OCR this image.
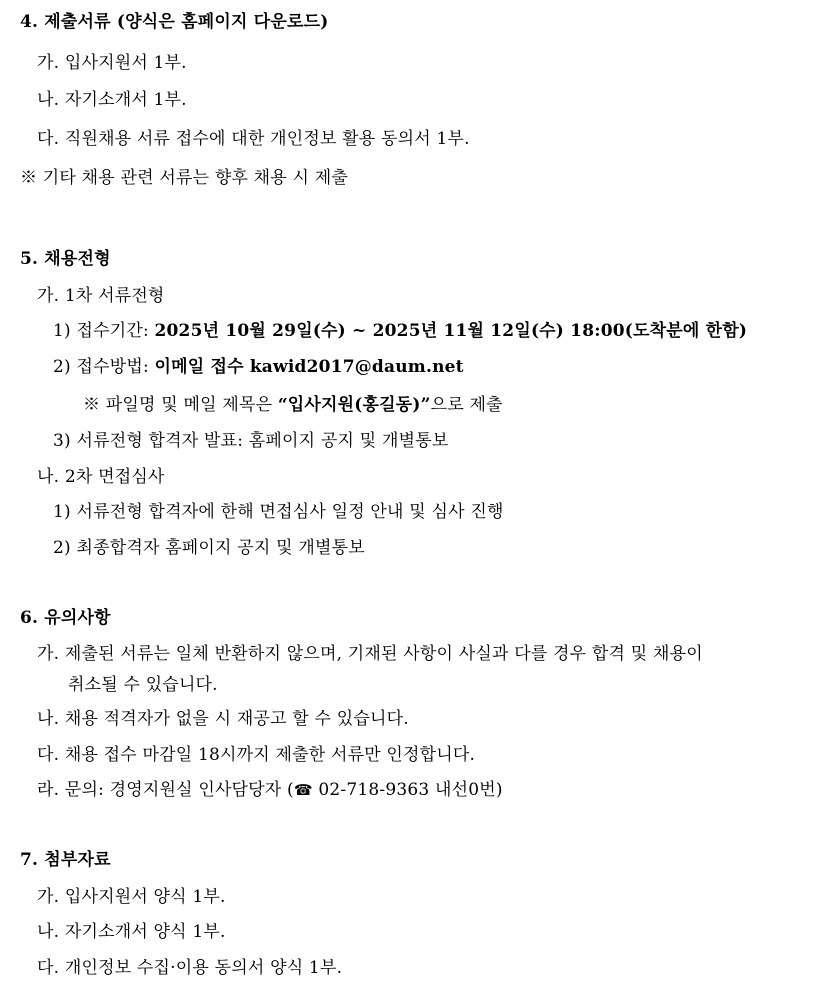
4. 제출서류 (양식은 홈페이지 다운로드)
가. 입사지원서 1부.
나. 자기소개서 1부.
다. 직원채용 서류 접수에 대한 개인정보 활용 동의서 1부.
※ 기타 채용 관련 서류는 향후 채용 시 제출
5. 채용전형
가. 1차 서류전형
1) 접수기간: 2025년 10월 29일(수) ~ 2025년 11월 12일(수) 18:00(도착분에 한함)
2) 접수방법: 이메일 접수 kawid2017@daum.net
※ 파일명 및 메일 제목은 “입사지원(홍길동)”으로 제출
3) 서류전형 합격자 발표: 홈페이지 공지 및 개별통보
나. 2차 면접심사
1) 서류전형 합격자에 한해 면접심사 일정 안내 및 심사 진행
2) 최종합격자 홈페이지 공지 및 개별통보
6. 유의사항
가. 제출된 서류는 일체 반환하지 않으며, 기재된 사항이 사실과 다를 경우 합격 및 채용이
취소될 수 있습니다.
나. 채용 적격자가 없을 시 재공고 할 수 있습니다.
다. 채용 접수 마감일 18시까지 제출한 서류만 인정합니다.
라. 문의: 경영지원실 인사담당자 (☎ 02-718-9363 내선0번)
7. 첨부자료
가. 입사지원서 양식 1부.
나. 자기소개서 양식 1부.
다. 개인정보 수집·이용 동의서 양식 1부.
